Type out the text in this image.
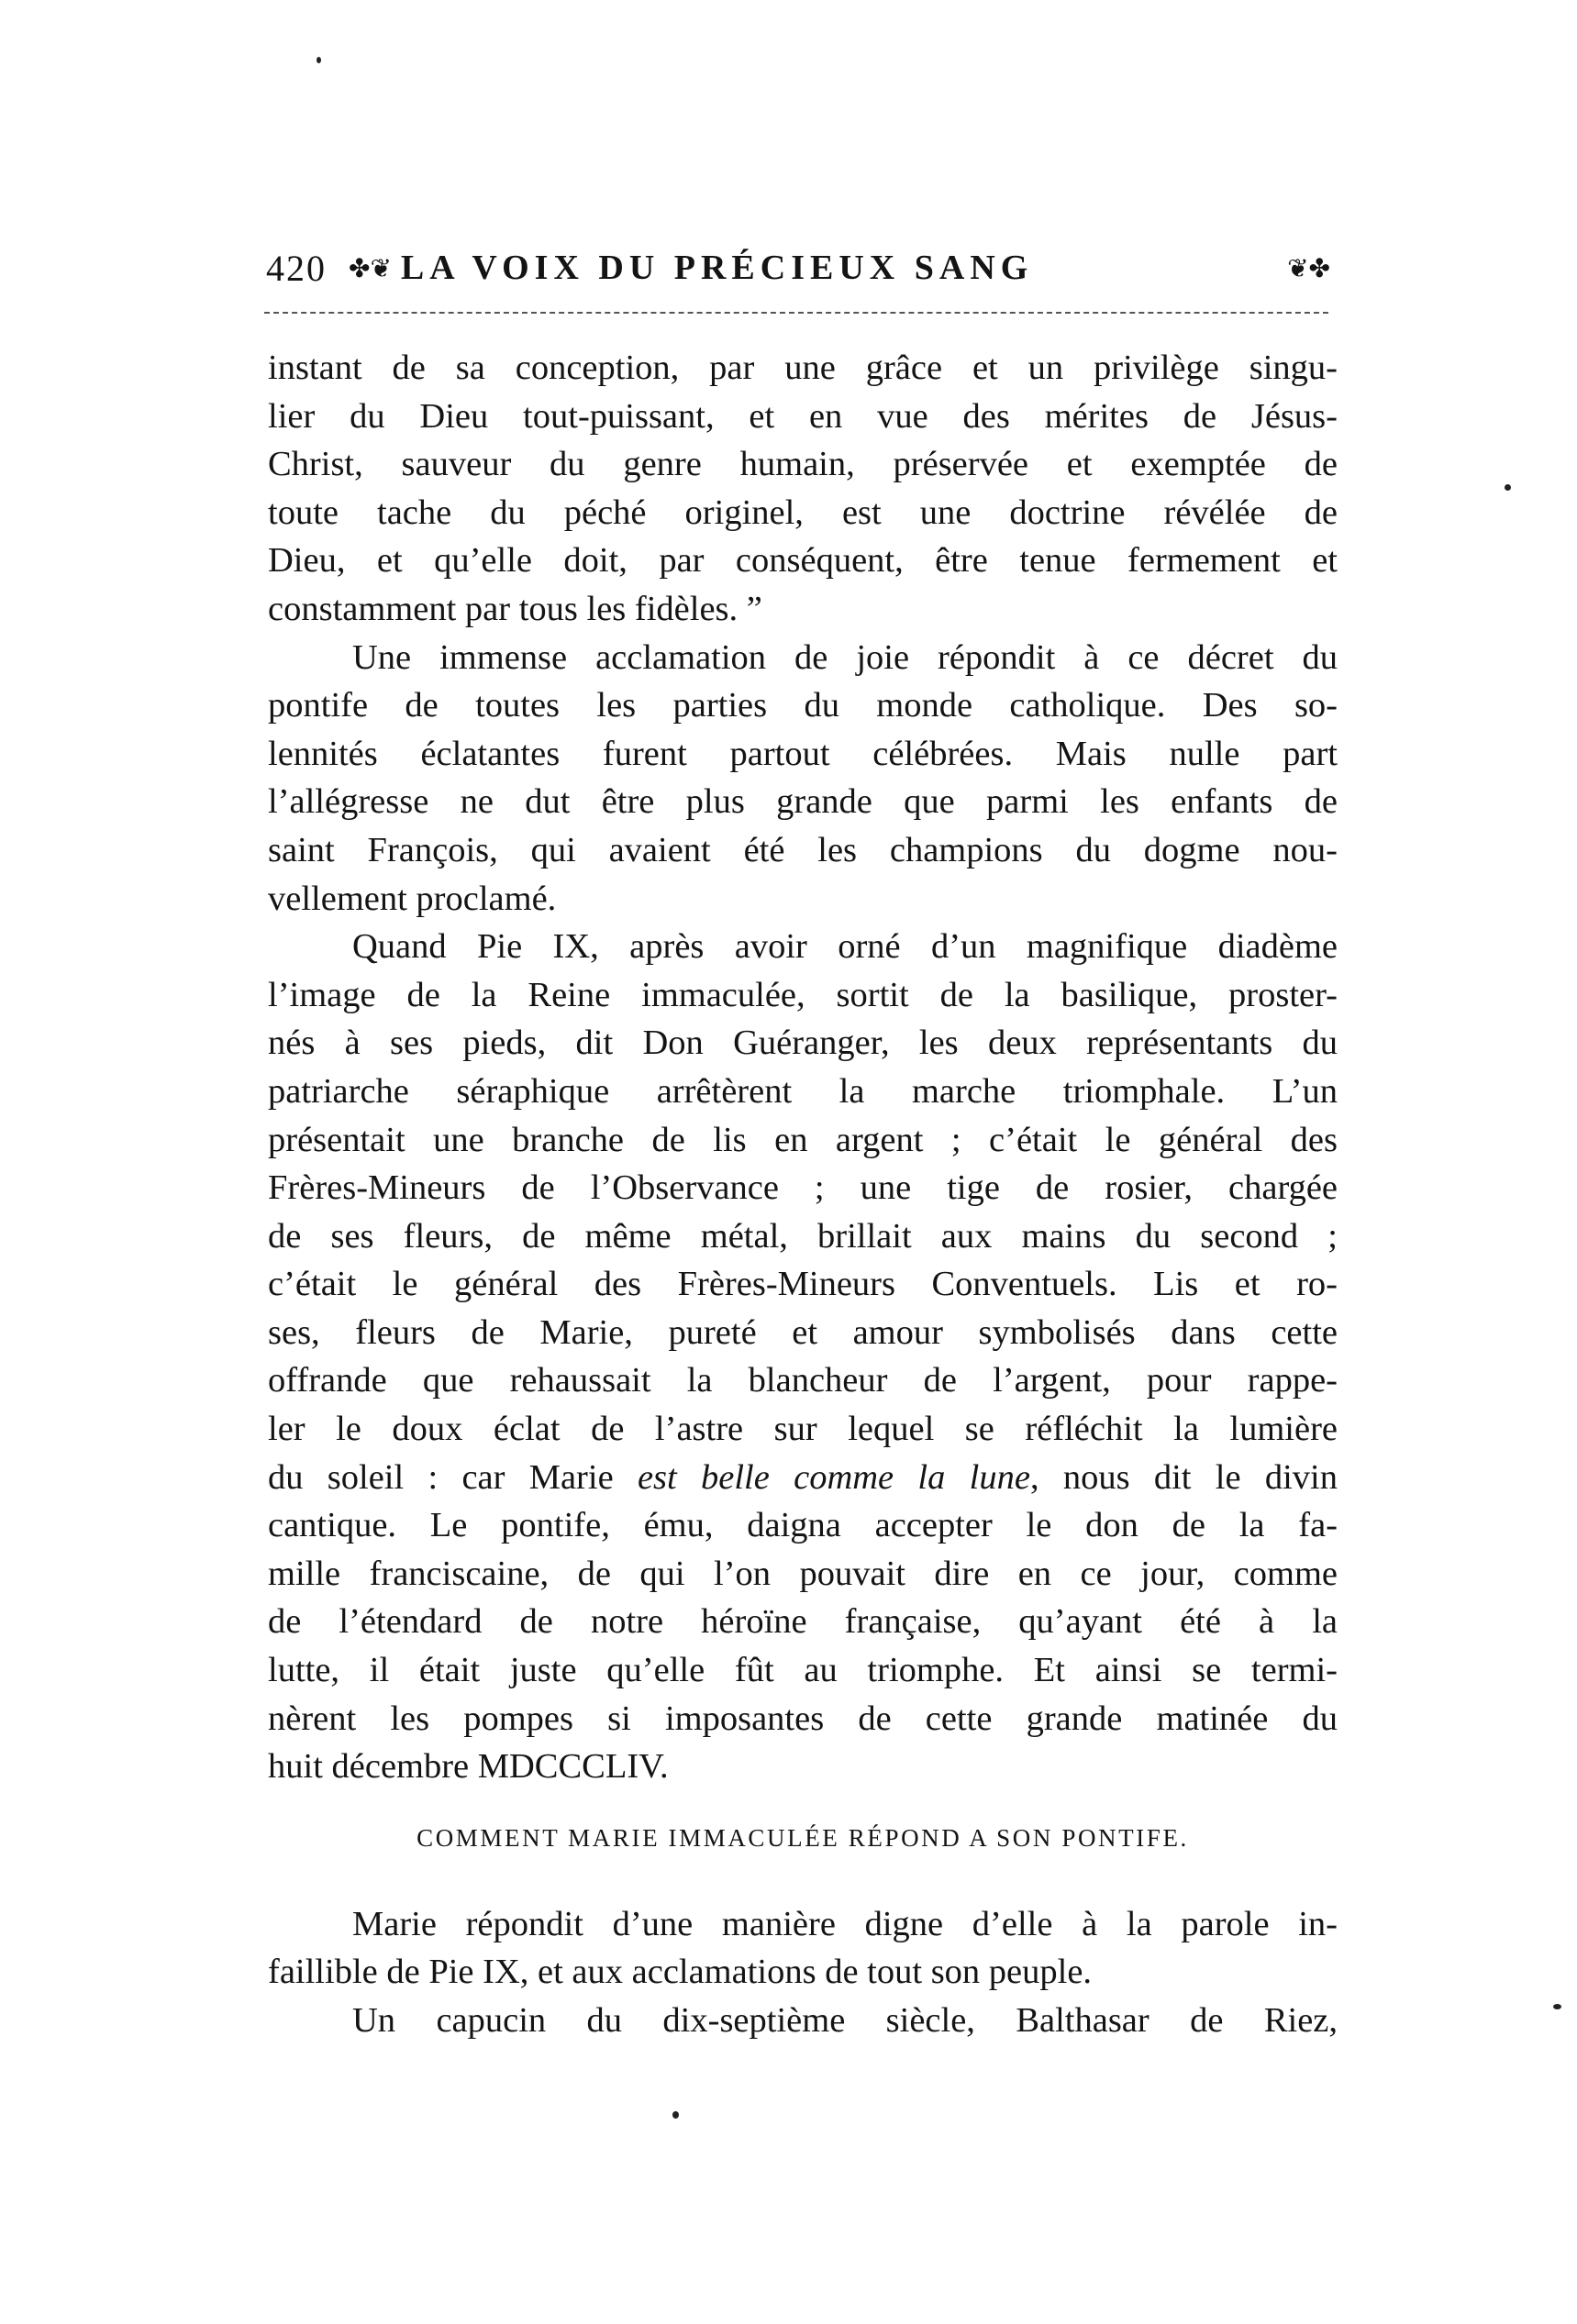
420 ✤❦ LA VOIX DU PRÉCIEUX SANG	❦✤

instant de sa conception, par une grâce et un privilège singu-
lier du Dieu tout-puissant, et en vue des mérites de Jésus-
Christ, sauveur du genre humain, préservée et exemptée de
toute tache du péché originel, est une doctrine révélée de
Dieu, et qu’elle doit, par conséquent, être tenue fermement et
constamment par tous les fidèles. ”

Une immense acclamation de joie répondit à ce décret du
pontife de toutes les parties du monde catholique. Des so-
lennités éclatantes furent partout célébrées. Mais nulle part
l’allégresse ne dut être plus grande que parmi les enfants de
saint François, qui avaient été les champions du dogme nou-
vellement proclamé.

Quand Pie IX, après avoir orné d’un magnifique diadème
l’image de la Reine immaculée, sortit de la basilique, proster-
nés à ses pieds, dit Don Guéranger, les deux représentants du
patriarche séraphique arrêtèrent la marche triomphale. L’un
présentait une branche de lis en argent ; c’était le général des
Frères-Mineurs de l’Observance ; une tige de rosier, chargée
de ses fleurs, de même métal, brillait aux mains du second ;
c’était le général des Frères-Mineurs Conventuels. Lis et ro-
ses, fleurs de Marie, pureté et amour symbolisés dans cette
offrande que rehaussait la blancheur de l’argent, pour rappe-
ler le doux éclat de l’astre sur lequel se réfléchit la lumière
du soleil : car Marie est belle comme la lune, nous dit le divin
cantique. Le pontife, ému, daigna accepter le don de la fa-
mille franciscaine, de qui l’on pouvait dire en ce jour, comme
de l’étendard de notre héroïne française, qu’ayant été à la
lutte, il était juste qu’elle fût au triomphe. Et ainsi se termi-
nèrent les pompes si imposantes de cette grande matinée du
huit décembre MDCCCLIV.

COMMENT MARIE IMMACULÉE RÉPOND A SON PONTIFE.

Marie répondit d’une manière digne d’elle à la parole in-
faillible de Pie IX, et aux acclamations de tout son peuple.

Un capucin du dix-septième siècle, Balthasar de Riez,
